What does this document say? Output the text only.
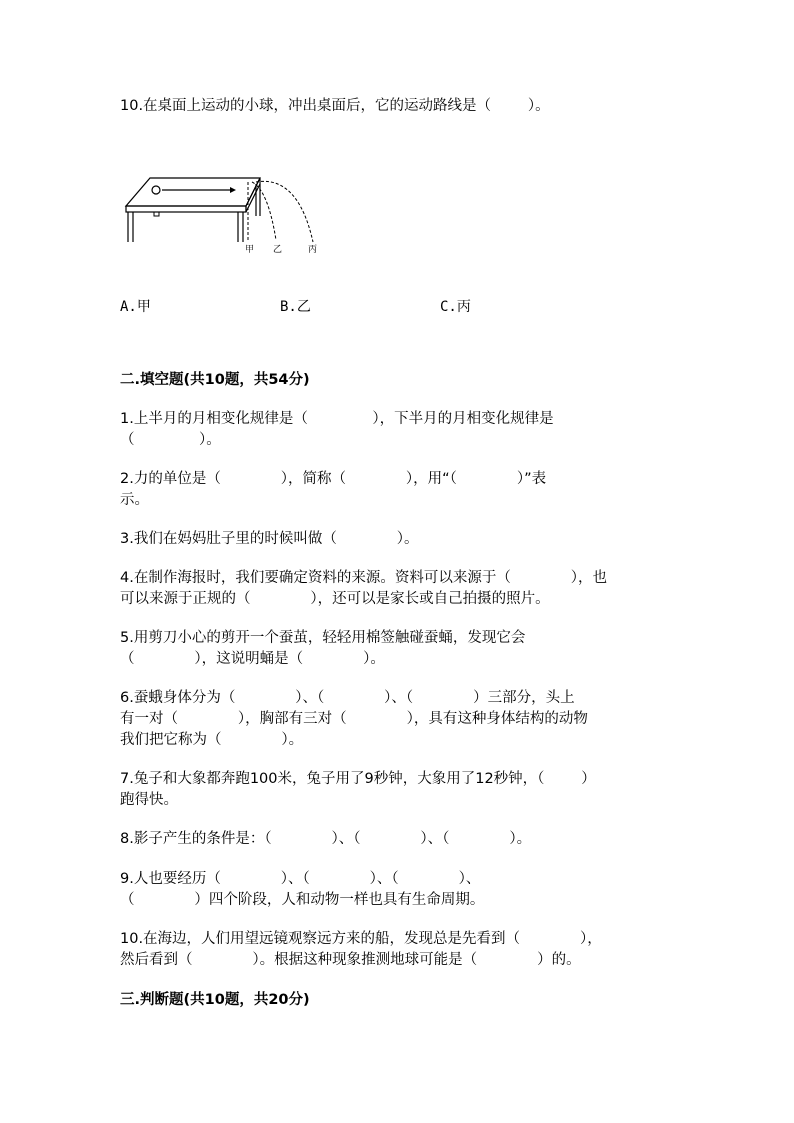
10.在桌面上运动的小球，冲出桌面后，它的运动路线是（        ）。
甲 乙	丙
A.甲	B.乙	C.丙
二.填空题(共10题，共54分)
1.上半月的月相变化规律是（              ），下半月的月相变化规律是
（              ）。
2.力的单位是（             ），简称（             ），用“（             ）”表
示。
3.我们在妈妈肚子里的时候叫做（             ）。
4.在制作海报时，我们要确定资料的来源。资料可以来源于（             ），也
可以来源于正规的（             ），还可以是家长或自己拍摄的照片。
5.用剪刀小心的剪开一个蚕茧，轻轻用棉签触碰蚕蛹，发现它会
（             ），这说明蛹是（             ）。
6.蚕蛾身体分为（             ）、（             ）、（             ）三部分，头上
有一对（             ），胸部有三对（             ），具有这种身体结构的动物
我们把它称为（             ）。
7.兔子和大象都奔跑100米，兔子用了9秒钟，大象用了12秒钟，（        ）
跑得快。
8.影子产生的条件是：（             ）、（             ）、（             ）。
9.人也要经历（             ）、（             ）、（             ）、
（             ）四个阶段，人和动物一样也具有生命周期。
10.在海边，人们用望远镜观察远方来的船，发现总是先看到（             ），
然后看到（             ）。根据这种现象推测地球可能是（             ）的。
三.判断题(共10题，共20分)
